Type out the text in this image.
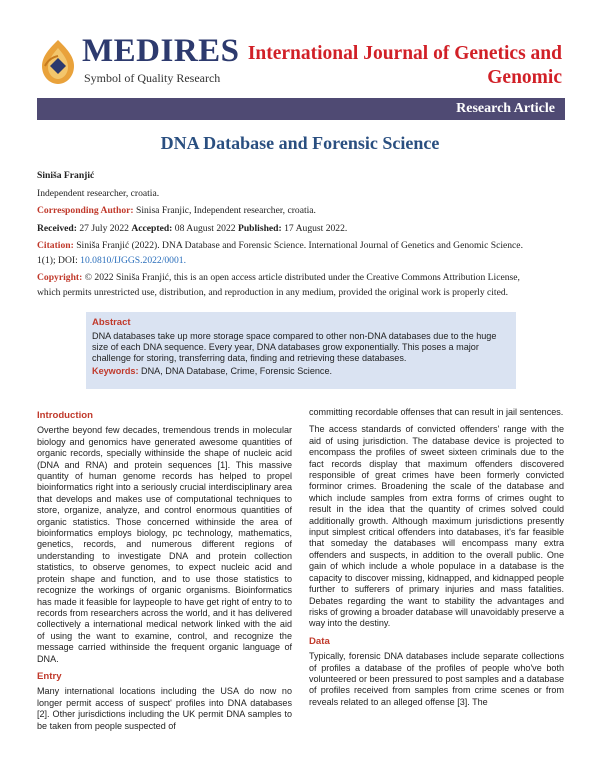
MEDIRES
Symbol of Quality Research
International Journal of Genetics and
Genomic
Research Article
DNA Database and Forensic Science
Siniša Franjić
Independent researcher, croatia.
Corresponding Author: Sinisa Franjic, Independent researcher, croatia.
Received: 27 July 2022 Accepted: 08 August 2022 Published: 17 August 2022.
Citation: Siniša Franjić (2022). DNA Database and Forensic Science. International Journal of Genetics and Genomic Science.
1(1); DOI: 10.0810/IJGGS.2022/0001.
Copyright: © 2022 Siniša Franjić, this is an open access article distributed under the Creative Commons Attribution License,
which permits unrestricted use, distribution, and reproduction in any medium, provided the original work is properly cited.
Abstract
DNA databases take up more storage space compared to other non-DNA databases due to the huge size of each DNA sequence. Every year, DNA databases grow exponentially. This poses a major challenge for storing, transferring data, finding and retrieving these databases.
Keywords: DNA, DNA Database, Crime, Forensic Science.
Introduction
Overthe beyond few decades, tremendous trends in molecular biology and genomics have generated awesome quantities of organic records, specially withinside the shape of nucleic acid (DNA and RNA) and protein sequences [1]. This massive quantity of human genome records has helped to propel bioinformatics right into a seriously crucial interdisciplinary area that develops and makes use of computational techniques to store, organize, analyze, and control enormous quantities of organic statistics. Those concerned withinside the area of bioinformatics employs biology, pc technology, mathematics, genetics, records, and numerous different regions of understanding to investigate DNA and protein collection statistics, to observe genomes, to expect nucleic acid and protein shape and function, and to use those statistics to recognize the workings of organic organisms. Bioinformatics has made it feasible for laypeople to have get right of entry to to records from researchers across the world, and it has delivered collectively a international medical network linked with the aid of using the want to examine, control, and recognize the message carried withinside the frequent organic language of DNA.
Entry
Many international locations including the USA do now no longer permit access of suspect' profiles into DNA databases [2]. Other jurisdictions including the UK permit DNA samples to be taken from people suspected of
committing recordable offenses that can result in jail sentences.
The access standards of convicted offenders' range with the aid of using jurisdiction. The database device is projected to encompass the profiles of sweet sixteen criminals due to the fact records display that maximum offenders discovered responsible of great crimes have been formerly convicted forminor crimes. Broadening the scale of the database and which include samples from extra forms of crimes ought to result in the idea that the quantity of crimes solved could additionally growth. Although maximum jurisdictions presently input simplest critical offenders into databases, it's far feasible that someday the databases will encompass many extra offenders and suspects, in addition to the overall public. One gain of which include a whole populace in a database is the capacity to discover missing, kidnapped, and kidnapped people further to sufferers of primary injuries and mass fatalities. Debates regarding the want to stability the advantages and risks of growing a broader database will unavoidably preserve a way into the destiny.
Data
Typically, forensic DNA databases include separate collections of profiles a database of the profiles of people who've both volunteered or been pressured to post samples and a database of profiles received from samples from crime scenes or from reveals related to an alleged offense [3]. The
